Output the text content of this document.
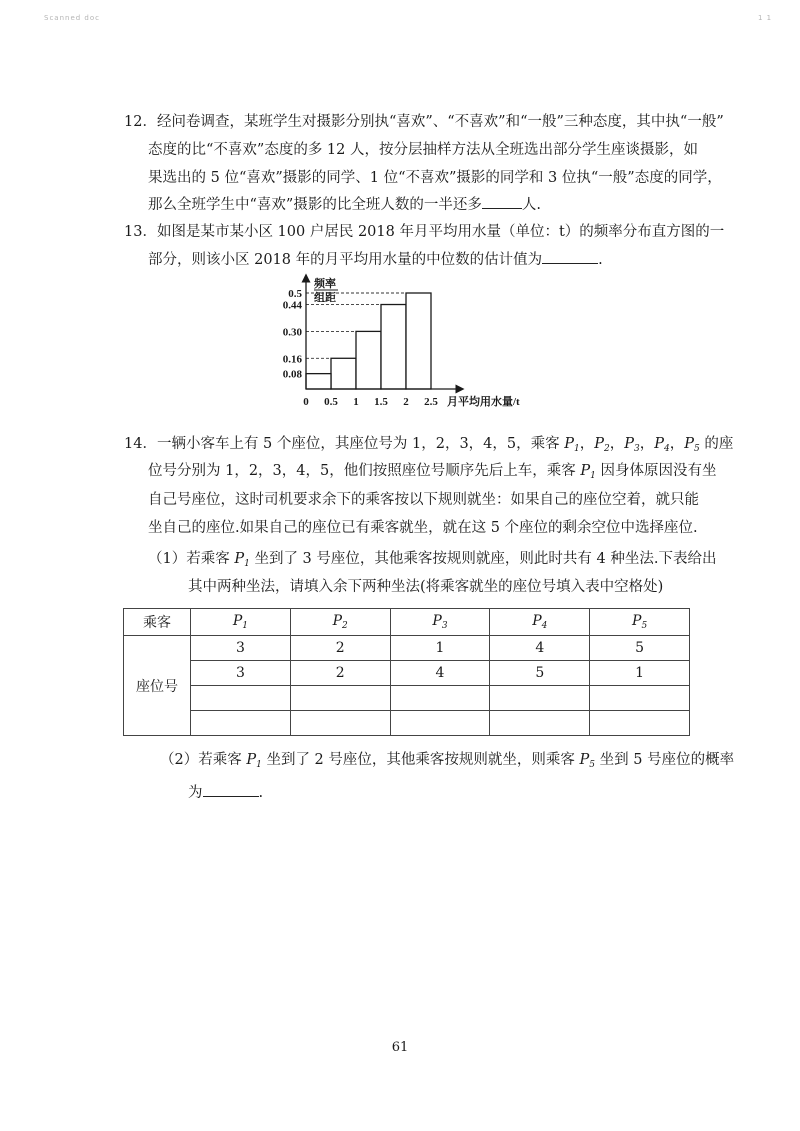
Scanned doc	1 1
12．经问卷调查，某班学生对摄影分别执“喜欢”、“不喜欢”和“一般”三种态度，其中执“一般”
态度的比“不喜欢”态度的多 12 人，按分层抽样方法从全班选出部分学生座谈摄影，如
果选出的 5 位“喜欢”摄影的同学、1 位“不喜欢”摄影的同学和 3 位执“一般”态度的同学，
那么全班学生中“喜欢”摄影的比全班人数的一半还多	人.
13．如图是某市某小区 100 户居民 2018 年月平均用水量（单位：t）的频率分布直方图的一
部分，则该小区 2018 年的月平均用水量的中位数的估计值为	.
0.08
0.16
0.30
0.44
0.5
0 0.5 1 1.5 2 2.5
频率
组距
月平均用水量/t
14．一辆小客车上有 5 个座位，其座位号为 1，2，3，4，5，乘客 $P_1$，$P_2$，$P_3$，$P_4$，$P_5$ 的座
位号分别为 1，2，3，4，5，他们按照座位号顺序先后上车，乘客 $P_1$ 因身体原因没有坐
自己号座位，这时司机要求余下的乘客按以下规则就坐：如果自己的座位空着，就只能
坐自己的座位.如果自己的座位已有乘客就坐，就在这 5 个座位的剩余空位中选择座位.
（1）若乘客 $P_1$ 坐到了 3 号座位，其他乘客按规则就座，则此时共有 4 种坐法.下表给出
其中两种坐法，请填入余下两种坐法(将乘客就坐的座位号填入表中空格处)
乘客	$P_1$	$P_2$	$P_3$	$P_4$	$P_5$
座位号	3	2	1	4	5
	3	2	4	5	1

（2）若乘客 $P_1$ 坐到了 2 号座位，其他乘客按规则就坐，则乘客 $P_5$ 坐到 5 号座位的概率
为	.
61
